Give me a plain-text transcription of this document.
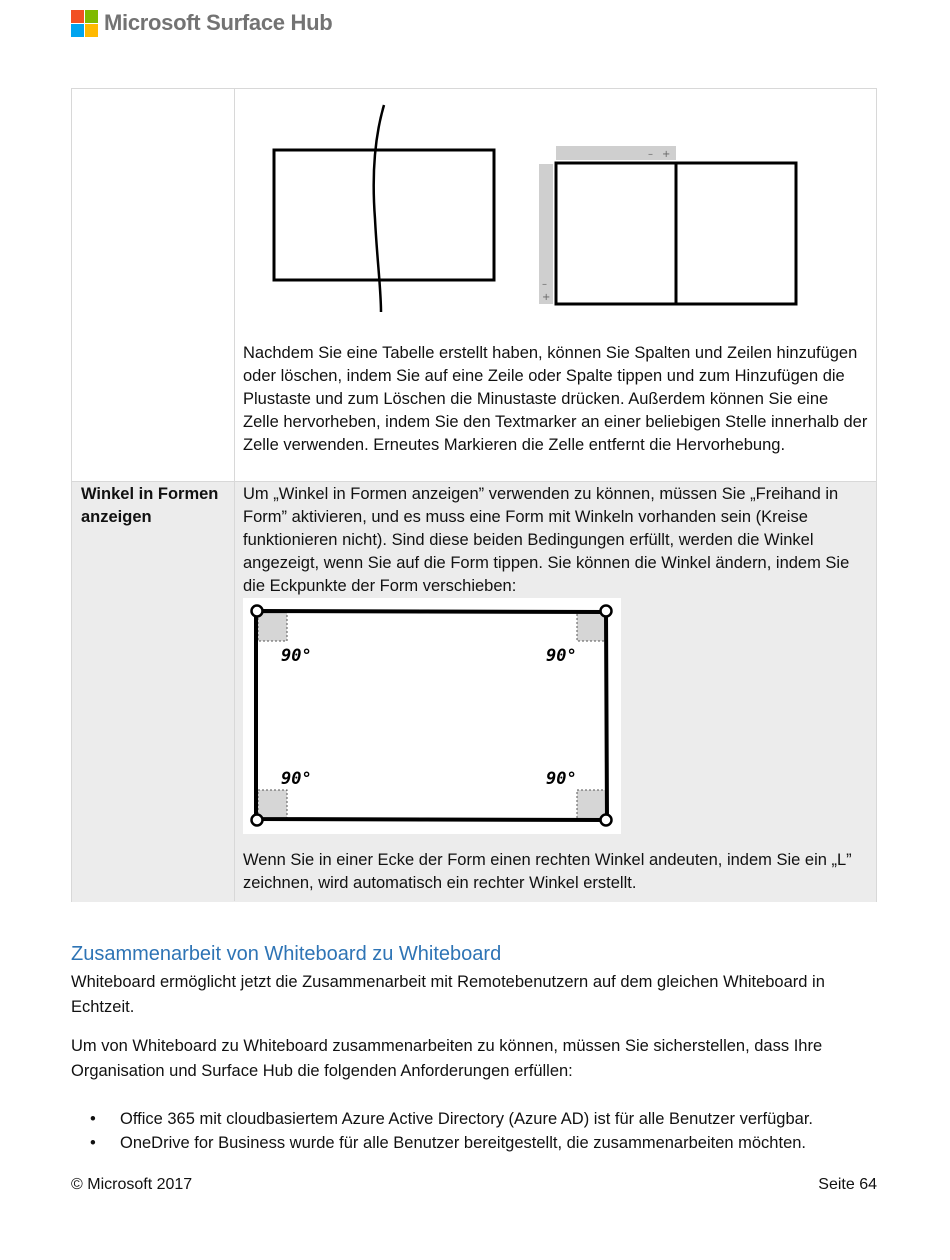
Microsoft Surface Hub
– +
–
+

Nachdem Sie eine Tabelle erstellt haben, können Sie Spalten und Zeilen hinzufügen oder löschen, indem Sie auf eine Zeile oder Spalte tippen und zum Hinzufügen die Plustaste und zum Löschen die Minustaste drücken. Außerdem können Sie eine Zelle hervorheben, indem Sie den Textmarker an einer beliebigen Stelle innerhalb der Zelle verwenden. Erneutes Markieren die Zelle entfernt die Hervorhebung.

Winkel in Formen anzeigen

Um „Winkel in Formen anzeigen” verwenden zu können, müssen Sie „Freihand in Form” aktivieren, und es muss eine Form mit Winkeln vorhanden sein (Kreise funktionieren nicht). Sind diese beiden Bedingungen erfüllt, werden die Winkel angezeigt, wenn Sie auf die Form tippen. Sie können die Winkel ändern, indem Sie die Eckpunkte der Form verschieben:

90°	90°
90°	90°

Wenn Sie in einer Ecke der Form einen rechten Winkel andeuten, indem Sie ein „L” zeichnen, wird automatisch ein rechter Winkel erstellt.

Zusammenarbeit von Whiteboard zu Whiteboard

Whiteboard ermöglicht jetzt die Zusammenarbeit mit Remotebenutzern auf dem gleichen Whiteboard in Echtzeit.

Um von Whiteboard zu Whiteboard zusammenarbeiten zu können, müssen Sie sicherstellen, dass Ihre Organisation und Surface Hub die folgenden Anforderungen erfüllen:

• Office 365 mit cloudbasiertem Azure Active Directory (Azure AD) ist für alle Benutzer verfügbar.
• OneDrive for Business wurde für alle Benutzer bereitgestellt, die zusammenarbeiten möchten.
© Microsoft 2017	Seite 64
